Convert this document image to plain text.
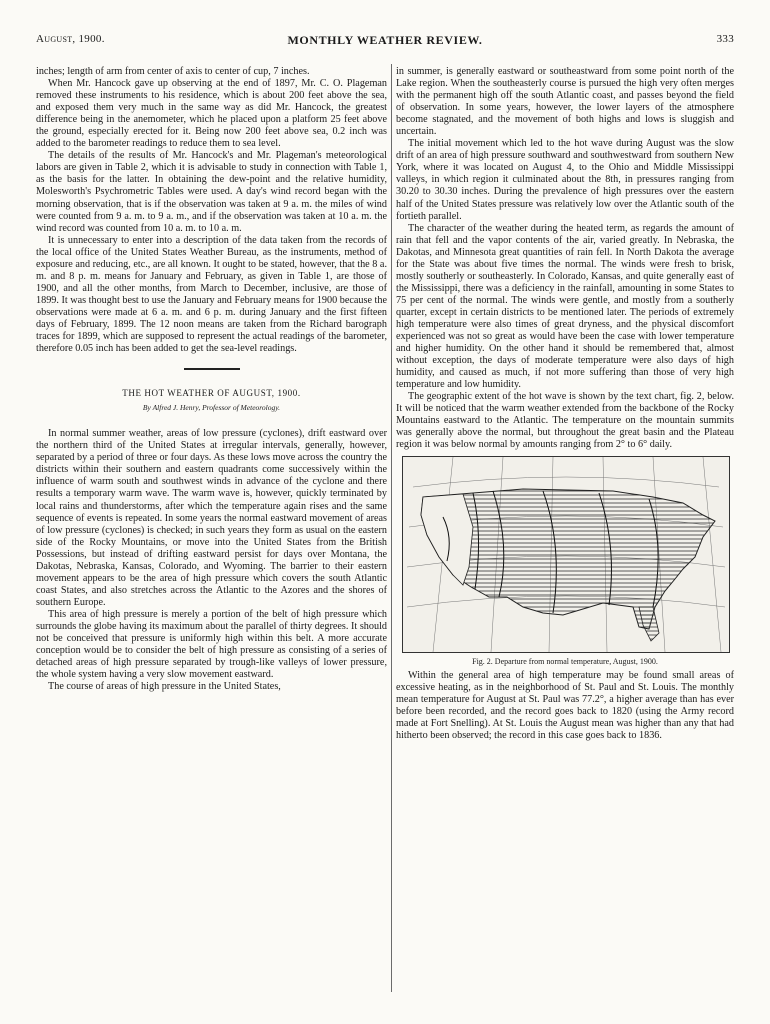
August, 1900.	MONTHLY WEATHER REVIEW.	333

inches; length of arm from center of axis to center of cup, 7 inches.

When Mr. Hancock gave up observing at the end of 1897, Mr. C. O. Plageman removed these instruments to his residence, which is about 200 feet above the sea, and exposed them very much in the same way as did Mr. Hancock, the greatest difference being in the anemometer, which he placed upon a platform 25 feet above the ground, especially erected for it. Being now 200 feet above sea, 0.2 inch was added to the barometer readings to reduce them to sea level.

The details of the results of Mr. Hancock's and Mr. Plageman's meteorological labors are given in Table 2, which it is advisable to study in connection with Table 1, as the basis for the latter. In obtaining the dew-point and the relative humidity, Molesworth's Psychrometric Tables were used. A day's wind record began with the morning observation, that is if the observation was taken at 9 a. m. the miles of wind were counted from 9 a. m. to 9 a. m., and if the observation was taken at 10 a. m. the wind record was counted from 10 a. m. to 10 a. m.

It is unnecessary to enter into a description of the data taken from the records of the local office of the United States Weather Bureau, as the instruments, method of exposure and reducing, etc., are all known. It ought to be stated, however, that the 8 a. m. and 8 p. m. means for January and February, as given in Table 1, are those of 1900, and all the other months, from March to December, inclusive, are those of 1899. It was thought best to use the January and February means for 1900 because the observations were made at 6 a. m. and 6 p. m. during January and the first fifteen days of February, 1899. The 12 noon means are taken from the Richard barograph traces for 1899, which are supposed to represent the actual readings of the barometer, therefore 0.05 inch has been added to get the sea-level readings.

THE HOT WEATHER OF AUGUST, 1900.
By Alfred J. Henry, Professor of Meteorology.

In normal summer weather, areas of low pressure (cyclones), drift eastward over the northern third of the United States at irregular intervals, generally, however, separated by a period of three or four days. As these lows move across the country the districts within their southern and eastern quadrants come successively within the influence of warm south and southwest winds in advance of the cyclone and there results a temporary warm wave. The warm wave is, however, quickly terminated by local rains and thunderstorms, after which the temperature again rises and the same sequence of events is repeated. In some years the normal eastward movement of areas of low pressure (cyclones) is checked; in such years they form as usual on the eastern side of the Rocky Mountains, or move into the United States from the British Possessions, but instead of drifting eastward persist for days over Montana, the Dakotas, Nebraska, Kansas, Colorado, and Wyoming. The barrier to their eastern movement appears to be the area of high pressure which covers the south Atlantic coast States, and also stretches across the Atlantic to the Azores and the shores of southern Europe.

This area of high pressure is merely a portion of the belt of high pressure which surrounds the globe having its maximum about the parallel of thirty degrees. It should not be conceived that pressure is uniformly high within this belt. A more accurate conception would be to consider the belt of high pressure as consisting of a series of detached areas of high pressure separated by trough-like valleys of lower pressure, the whole system having a very slow movement eastward.

The course of areas of high pressure in the United States,

in summer, is generally eastward or southeastward from some point north of the Lake region. When the southeasterly course is pursued the high very often merges with the permanent high off the south Atlantic coast, and passes beyond the field of observation. In some years, however, the lower layers of the atmosphere become stagnated, and the movement of both highs and lows is sluggish and uncertain.

The initial movement which led to the hot wave during August was the slow drift of an area of high pressure southward and southwestward from southern New York, where it was located on August 4, to the Ohio and Middle Mississippi valleys, in which region it culminated about the 8th, in pressures ranging from 30.20 to 30.30 inches. During the prevalence of high pressures over the eastern half of the United States pressure was relatively low over the Atlantic south of the fortieth parallel.

The character of the weather during the heated term, as regards the amount of rain that fell and the vapor contents of the air, varied greatly. In Nebraska, the Dakotas, and Minnesota great quantities of rain fell. In North Dakota the average for the State was about five times the normal. The winds were fresh to brisk, mostly southerly or southeasterly. In Colorado, Kansas, and quite generally east of the Mississippi, there was a deficiency in the rainfall, amounting in some States to 75 per cent of the normal. The winds were gentle, and mostly from a southerly quarter, except in certain districts to be mentioned later. The periods of extremely high temperature were also times of great dryness, and the physical discomfort experienced was not so great as would have been the case with lower temperature and higher humidity. On the other hand it should be remembered that, almost without exception, the days of moderate temperature were also days of high humidity, and caused as much, if not more suffering than those of very high temperature and low humidity.

The geographic extent of the hot wave is shown by the text chart, fig. 2, below. It will be noticed that the warm weather extended from the backbone of the Rocky Mountains eastward to the Atlantic. The temperature on the mountain summits was generally above the normal, but throughout the great basin and the Plateau region it was below normal by amounts ranging from 2° to 6° daily.

Fig. 2. Departure from normal temperature, August, 1900.

Within the general area of high temperature may be found small areas of excessive heating, as in the neighborhood of St. Paul and St. Louis. The monthly mean temperature for August at St. Paul was 77.2°, a higher average than has ever before been recorded, and the record goes back to 1820 (using the Army record made at Fort Snelling). At St. Louis the August mean was higher than any that had hitherto been observed; the record in this case goes back to 1836.
